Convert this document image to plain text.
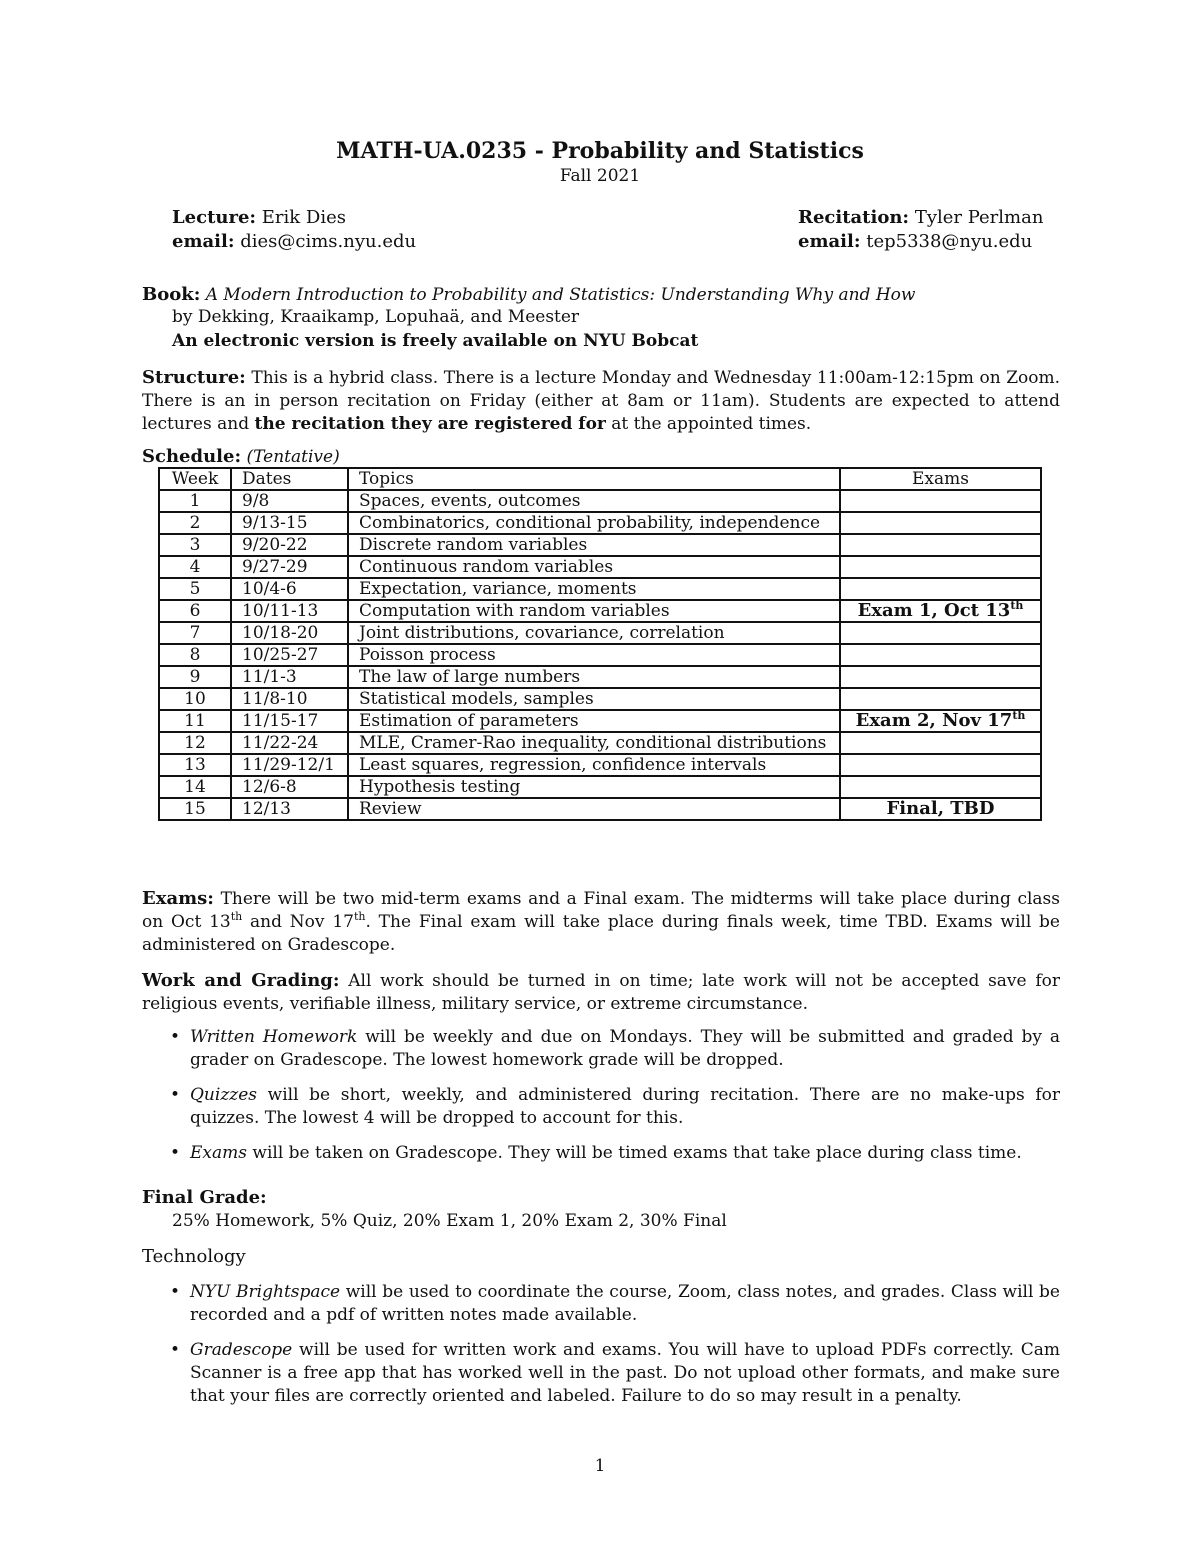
MATH-UA.0235 - Probability and Statistics
Fall 2021
Lecture: Erik Dies
email: dies@cims.nyu.edu
Recitation: Tyler Perlman
email: tep5338@nyu.edu
Book: A Modern Introduction to Probability and Statistics: Understanding Why and How
by Dekking, Kraaikamp, Lopuhaä, and Meester
An electronic version is freely available on NYU Bobcat
Structure: This is a hybrid class. There is a lecture Monday and Wednesday 11:00am-12:15pm on Zoom. There is an in person recitation on Friday (either at 8am or 11am). Students are expected to attend lectures and the recitation they are registered for at the appointed times.
Schedule: (Tentative)
Week	Dates	Topics	Exams
1	9/8	Spaces, events, outcomes	
2	9/13-15	Combinatorics, conditional probability, independence	
3	9/20-22	Discrete random variables	
4	9/27-29	Continuous random variables	
5	10/4-6	Expectation, variance, moments	
6	10/11-13	Computation with random variables	Exam 1, Oct 13th
7	10/18-20	Joint distributions, covariance, correlation	
8	10/25-27	Poisson process	
9	11/1-3	The law of large numbers	
10	11/8-10	Statistical models, samples	
11	11/15-17	Estimation of parameters	Exam 2, Nov 17th
12	11/22-24	MLE, Cramer-Rao inequality, conditional distributions	
13	11/29-12/1	Least squares, regression, confidence intervals	
14	12/6-8	Hypothesis testing	
15	12/13	Review	Final, TBD
Exams: There will be two mid-term exams and a Final exam. The midterms will take place during class on Oct 13th and Nov 17th. The Final exam will take place during finals week, time TBD. Exams will be administered on Gradescope.
Work and Grading: All work should be turned in on time; late work will not be accepted save for religious events, verifiable illness, military service, or extreme circumstance.
• Written Homework will be weekly and due on Mondays. They will be submitted and graded by a grader on Gradescope. The lowest homework grade will be dropped.
• Quizzes will be short, weekly, and administered during recitation. There are no make-ups for quizzes. The lowest 4 will be dropped to account for this.
• Exams will be taken on Gradescope. They will be timed exams that take place during class time.
Final Grade:
25% Homework, 5% Quiz, 20% Exam 1, 20% Exam 2, 30% Final
Technology
• NYU Brightspace will be used to coordinate the course, Zoom, class notes, and grades. Class will be recorded and a pdf of written notes made available.
• Gradescope will be used for written work and exams. You will have to upload PDFs correctly. Cam Scanner is a free app that has worked well in the past. Do not upload other formats, and make sure that your files are correctly oriented and labeled. Failure to do so may result in a penalty.
1
